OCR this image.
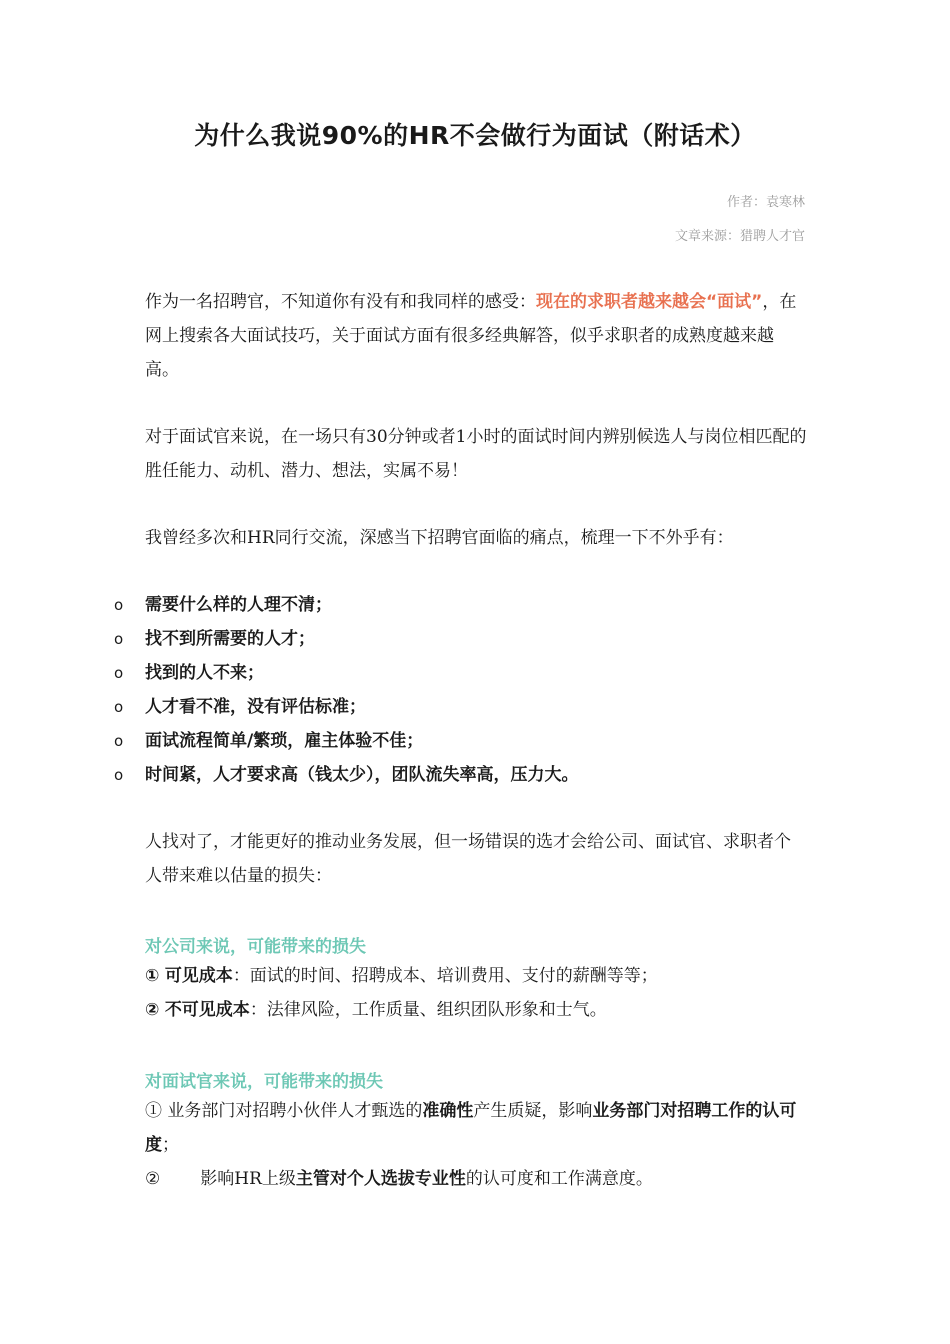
为什么我说90%的HR不会做行为面试（附话术）
作者：袁寒林
文章来源：猎聘人才官

作为一名招聘官，不知道你有没有和我同样的感受：现在的求职者越来越会“面试”，在网上搜索各大面试技巧，关于面试方面有很多经典解答，似乎求职者的成熟度越来越高。

对于面试官来说，在一场只有30分钟或者1小时的面试时间内辨别候选人与岗位相匹配的胜任能力、动机、潜力、想法，实属不易！

我曾经多次和HR同行交流，深感当下招聘官面临的痛点，梳理一下不外乎有：

o 需要什么样的人理不清；
o 找不到所需要的人才；
o 找到的人不来；
o 人才看不准，没有评估标准；
o 面试流程简单/繁琐，雇主体验不佳；
o 时间紧，人才要求高（钱太少），团队流失率高，压力大。

人找对了，才能更好的推动业务发展，但一场错误的选才会给公司、面试官、求职者个人带来难以估量的损失：

对公司来说，可能带来的损失
① 可见成本：面试的时间、招聘成本、培训费用、支付的薪酬等等；
② 不可见成本：法律风险，工作质量、组织团队形象和士气。
对面试官来说，可能带来的损失
① 业务部门对招聘小伙伴人才甄选的准确性产生质疑，影响业务部门对招聘工作的认可度；
② 影响HR上级主管对个人选拔专业性的认可度和工作满意度。
